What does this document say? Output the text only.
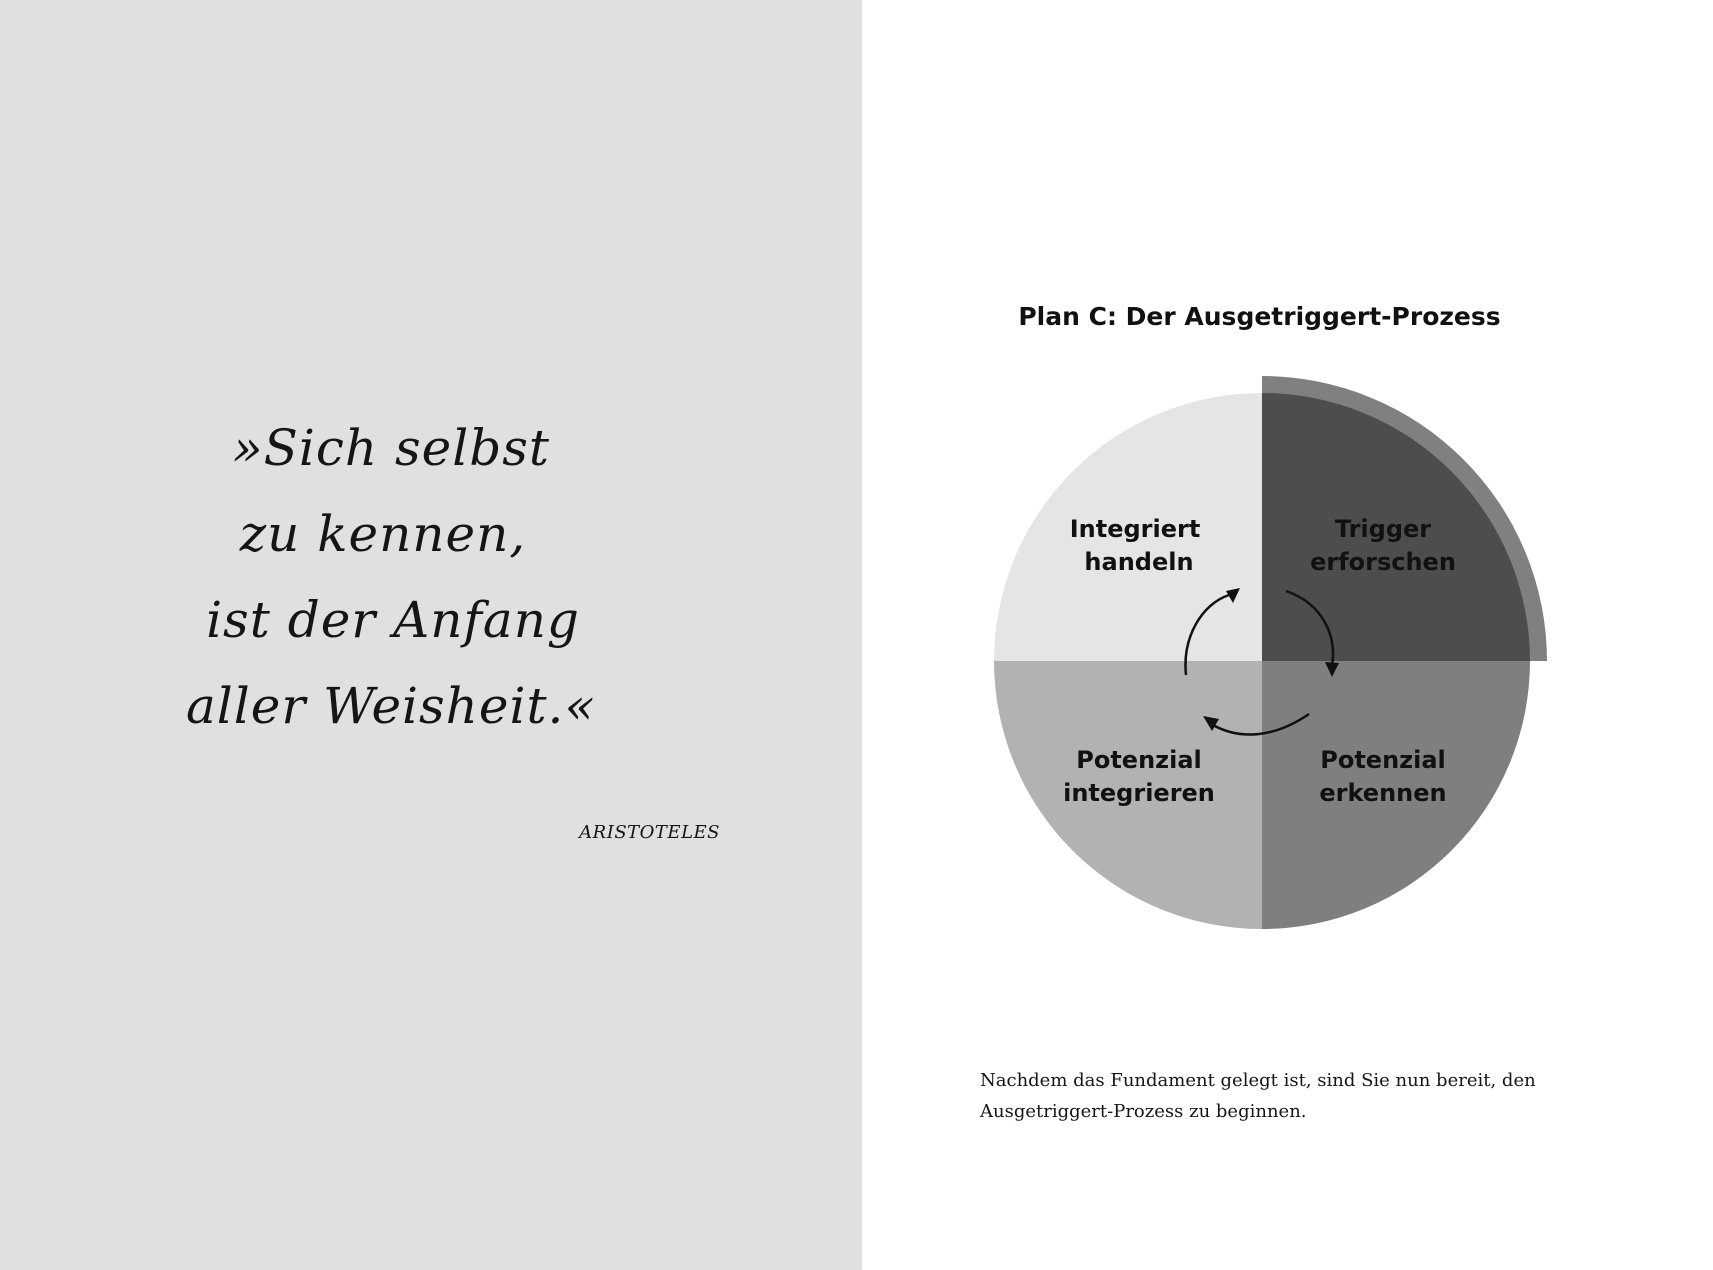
»Sich selbst
zu kennen,
ist der Anfang
aller Weisheit.«

ARISTOTELES
Plan C: Der Ausgetriggert-Prozess
Integriert
handeln
Trigger
erforschen
Potenzial
erkennen
Potenzial
integrieren

Nachdem das Fundament gelegt ist, sind Sie nun bereit, den Ausgetriggert-Prozess zu beginnen.
